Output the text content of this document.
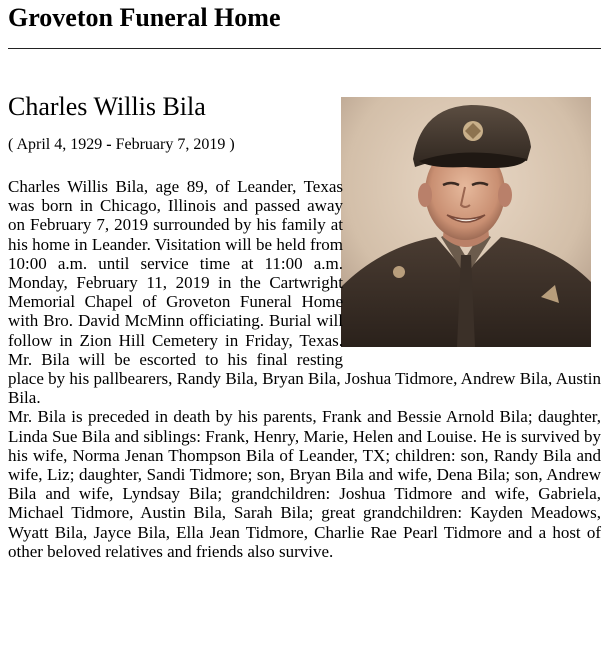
Groveton Funeral Home
Charles Willis Bila

( April 4, 1929 - February 7, 2019 )

Charles Willis Bila, age 89, of Leander, Texas was born in Chicago, Illinois and passed away on February 7, 2019 surrounded by his family at his home in Leander. Visitation will be held from 10:00 a.m. until service time at 11:00 a.m. Monday, February 11, 2019 in the Cartwright Memorial Chapel of Groveton Funeral Home with Bro. David McMinn officiating. Burial will follow in Zion Hill Cemetery in Friday, Texas. Mr. Bila will be escorted to his final resting place by his pallbearers, Randy Bila, Bryan Bila, Joshua Tidmore, Andrew Bila, Austin Bila.

Mr. Bila is preceded in death by his parents, Frank and Bessie Arnold Bila; daughter, Linda Sue Bila and siblings: Frank, Henry, Marie, Helen and Louise. He is survived by his wife, Norma Jenan Thompson Bila of Leander, TX; children: son, Randy Bila and wife, Liz; daughter, Sandi Tidmore; son, Bryan Bila and wife, Dena Bila; son, Andrew Bila and wife, Lyndsay Bila; grandchildren: Joshua Tidmore and wife, Gabriela, Michael Tidmore, Austin Bila, Sarah Bila; great grandchildren: Kayden Meadows, Wyatt Bila, Jayce Bila, Ella Jean Tidmore, Charlie Rae Pearl Tidmore and a host of other beloved relatives and friends also survive.
